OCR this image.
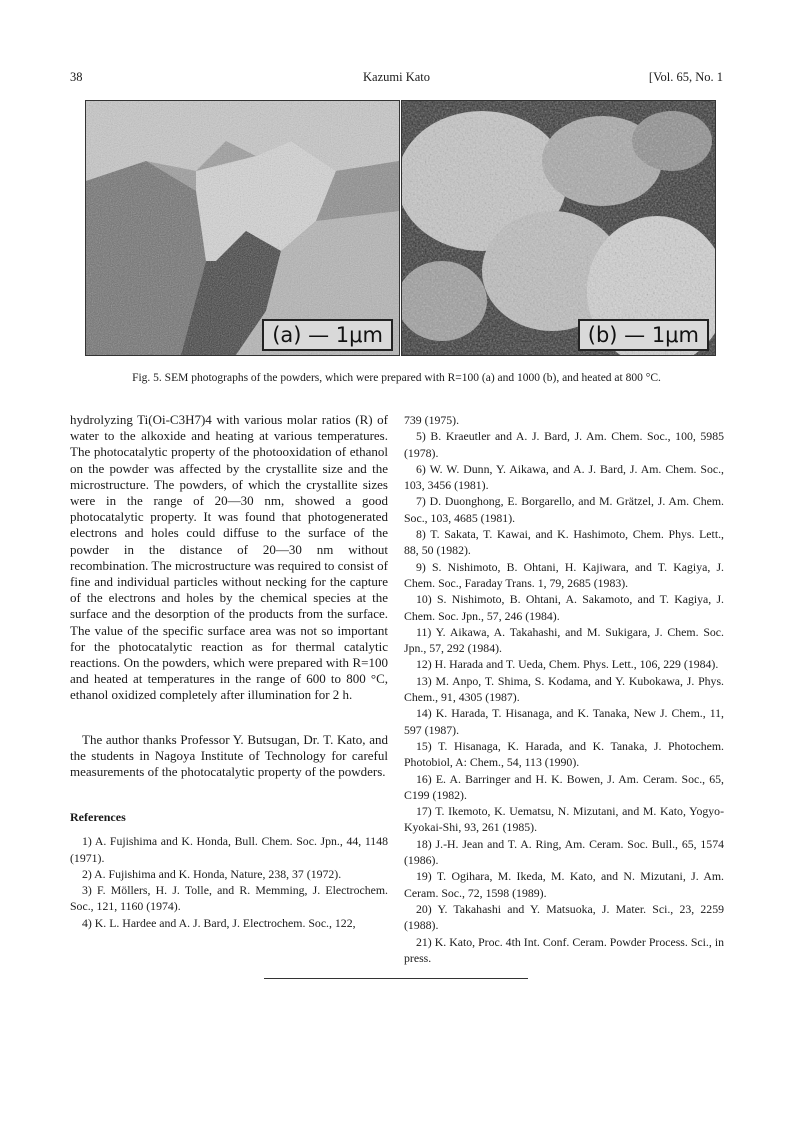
38	Kazumi Kato	[Vol. 65, No. 1
(a) — 1μm	(b) — 1μm
Fig. 5. SEM photographs of the powders, which were prepared with R=100 (a) and 1000 (b), and heated at 800 °C.

hydrolyzing Ti(Oi-C3H7)4 with various molar ratios (R) of water to the alkoxide and heating at various temperatures. The photocatalytic property of the photooxidation of ethanol on the powder was affected by the crystallite size and the microstructure. The powders, of which the crystallite sizes were in the range of 20—30 nm, showed a good photocatalytic property. It was found that photogenerated electrons and holes could diffuse to the surface of the powder in the distance of 20—30 nm without recombination. The microstructure was required to consist of fine and individual particles without necking for the capture of the electrons and holes by the chemical species at the surface and the desorption of the products from the surface. The value of the specific surface area was not so important for the photocatalytic reaction as for thermal catalytic reactions. On the powders, which were prepared with R=100 and heated at temperatures in the range of 600 to 800 °C, ethanol oxidized completely after illumination for 2 h.

The author thanks Professor Y. Butsugan, Dr. T. Kato, and the students in Nagoya Institute of Technology for careful measurements of the photocatalytic property of the powders.

References

1) A. Fujishima and K. Honda, Bull. Chem. Soc. Jpn., 44, 1148 (1971).

2) A. Fujishima and K. Honda, Nature, 238, 37 (1972).

3) F. Möllers, H. J. Tolle, and R. Memming, J. Electrochem. Soc., 121, 1160 (1974).

4) K. L. Hardee and A. J. Bard, J. Electrochem. Soc., 122,

739 (1975).

5) B. Kraeutler and A. J. Bard, J. Am. Chem. Soc., 100, 5985 (1978).

6) W. W. Dunn, Y. Aikawa, and A. J. Bard, J. Am. Chem. Soc., 103, 3456 (1981).

7) D. Duonghong, E. Borgarello, and M. Grätzel, J. Am. Chem. Soc., 103, 4685 (1981).

8) T. Sakata, T. Kawai, and K. Hashimoto, Chem. Phys. Lett., 88, 50 (1982).

9) S. Nishimoto, B. Ohtani, H. Kajiwara, and T. Kagiya, J. Chem. Soc., Faraday Trans. 1, 79, 2685 (1983).

10) S. Nishimoto, B. Ohtani, A. Sakamoto, and T. Kagiya, J. Chem. Soc. Jpn., 57, 246 (1984).

11) Y. Aikawa, A. Takahashi, and M. Sukigara, J. Chem. Soc. Jpn., 57, 292 (1984).

12) H. Harada and T. Ueda, Chem. Phys. Lett., 106, 229 (1984).

13) M. Anpo, T. Shima, S. Kodama, and Y. Kubokawa, J. Phys. Chem., 91, 4305 (1987).

14) K. Harada, T. Hisanaga, and K. Tanaka, New J. Chem., 11, 597 (1987).

15) T. Hisanaga, K. Harada, and K. Tanaka, J. Photochem. Photobiol, A: Chem., 54, 113 (1990).

16) E. A. Barringer and H. K. Bowen, J. Am. Ceram. Soc., 65, C199 (1982).

17) T. Ikemoto, K. Uematsu, N. Mizutani, and M. Kato, Yogyo-Kyokai-Shi, 93, 261 (1985).

18) J.-H. Jean and T. A. Ring, Am. Ceram. Soc. Bull., 65, 1574 (1986).

19) T. Ogihara, M. Ikeda, M. Kato, and N. Mizutani, J. Am. Ceram. Soc., 72, 1598 (1989).

20) Y. Takahashi and Y. Matsuoka, J. Mater. Sci., 23, 2259 (1988).

21) K. Kato, Proc. 4th Int. Conf. Ceram. Powder Process. Sci., in press.
